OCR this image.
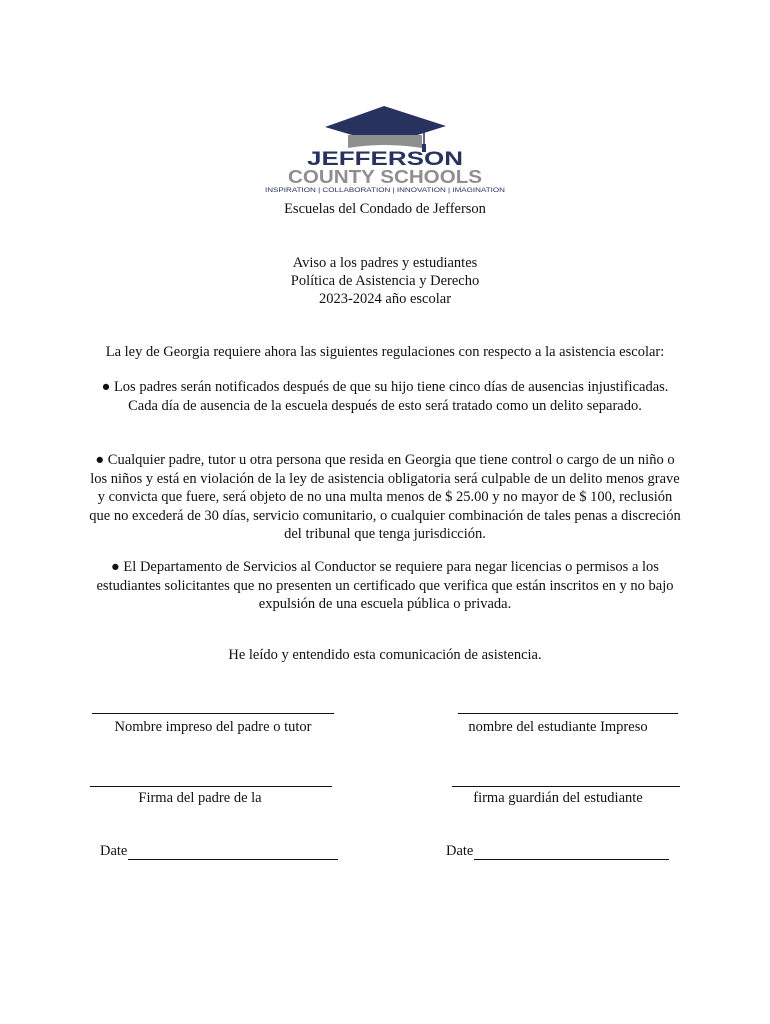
JEFFERSON
COUNTY SCHOOLS
INSPIRATION | COLLABORATION | INNOVATION | IMAGINATION
Escuelas del Condado de Jefferson
Aviso a los padres y estudiantes
Política de Asistencia y Derecho
2023-2024 año escolar
La ley de Georgia requiere ahora las siguientes regulaciones con respecto a la asistencia escolar:
● Los padres serán notificados después de que su hijo tiene cinco días de ausencias injustificadas. Cada día de ausencia de la escuela después de esto será tratado como un delito separado.
● Cualquier padre, tutor u otra persona que resida en Georgia que tiene control o cargo de un niño o los niños y está en violación de la ley de asistencia obligatoria será culpable de un delito menos grave y convicta que fuere, será objeto de no una multa menos de $ 25.00 y no mayor de $ 100, reclusión que no excederá de 30 días, servicio comunitario, o cualquier combinación de tales penas a discreción del tribunal que tenga jurisdicción.
● El Departamento de Servicios al Conductor se requiere para negar licencias o permisos a los estudiantes solicitantes que no presenten un certificado que verifica que están inscritos en y no bajo expulsión de una escuela pública o privada.
He leído y entendido esta comunicación de asistencia.
Nombre impreso del padre o tutor	nombre del estudiante Impreso
Firma del padre de la	firma guardián del estudiante
Date	Date
